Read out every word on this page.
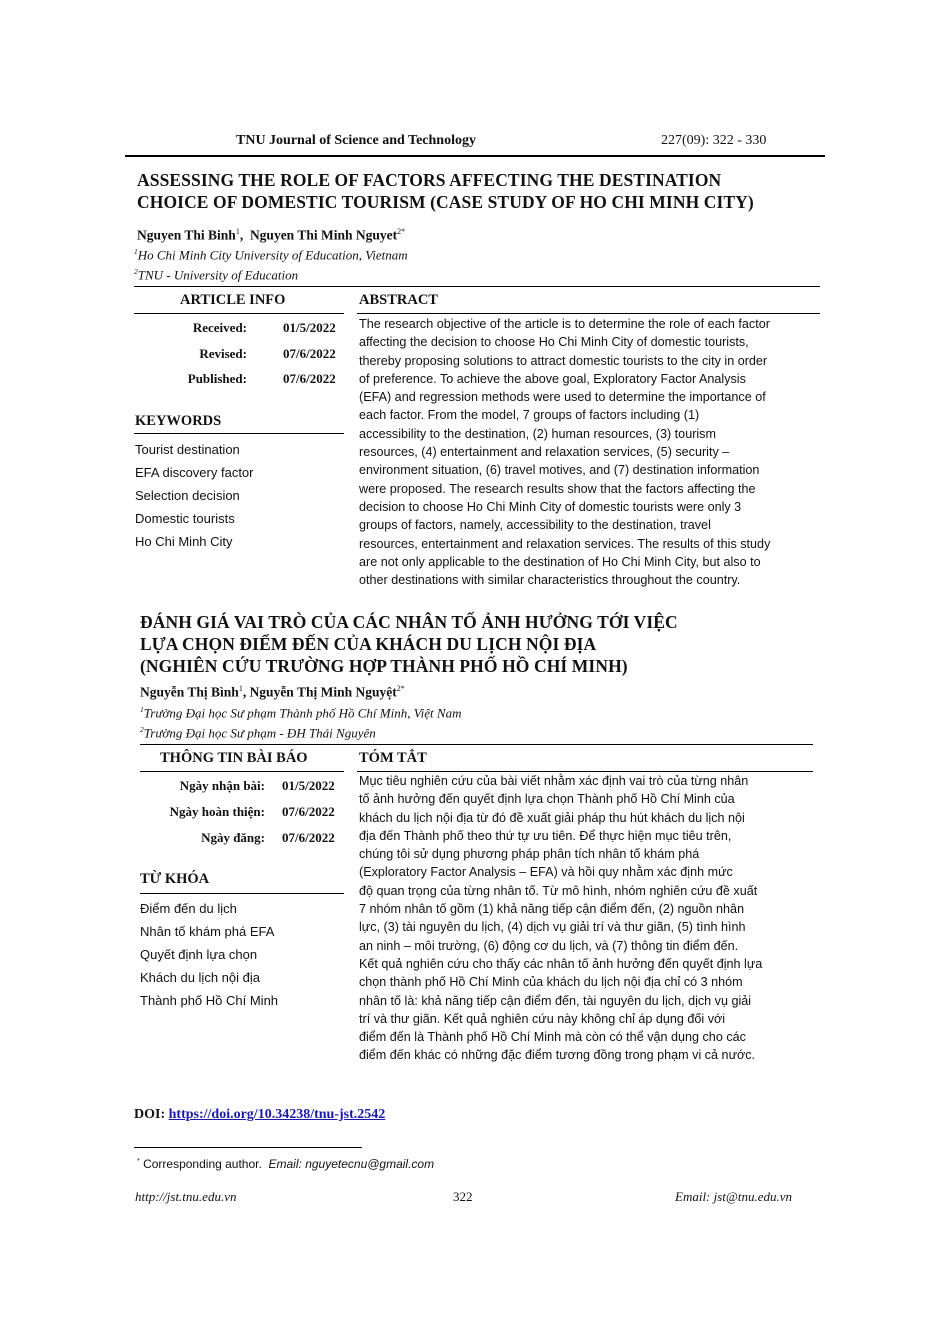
TNU Journal of Science and Technology	227(09): 322 - 330
ASSESSING THE ROLE OF FACTORS AFFECTING THE DESTINATION
CHOICE OF DOMESTIC TOURISM (CASE STUDY OF HO CHI MINH CITY)
Nguyen Thi Binh$^1$,  Nguyen Thi Minh Nguyet$^{2*}$
$^1$Ho Chi Minh City University of Education, Vietnam
$^2$TNU - University of Education
ARTICLE INFO	ABSTRACT
Received:	01/5/2022
Revised:	07/6/2022
Published:	07/6/2022
KEYWORDS
Tourist destination
EFA discovery factor
Selection decision
Domestic tourists
Ho Chi Minh City
The research objective of the article is to determine the role of each factor
affecting the decision to choose Ho Chi Minh City of domestic tourists,
thereby proposing solutions to attract domestic tourists to the city in order
of preference. To achieve the above goal, Exploratory Factor Analysis
(EFA) and regression methods were used to determine the importance of
each factor. From the model, 7 groups of factors including (1)
accessibility to the destination, (2) human resources, (3) tourism
resources, (4) entertainment and relaxation services, (5) security –
environment situation, (6) travel motives, and (7) destination information
were proposed. The research results show that the factors affecting the
decision to choose Ho Chi Minh City of domestic tourists were only 3
groups of factors, namely, accessibility to the destination, travel
resources, entertainment and relaxation services. The results of this study
are not only applicable to the destination of Ho Chi Minh City, but also to
other destinations with similar characteristics throughout the country.
ĐÁNH GIÁ VAI TRÒ CỦA CÁC NHÂN TỐ ẢNH HƯỞNG TỚI VIỆC
LỰA CHỌN ĐIỂM ĐẾN CỦA KHÁCH DU LỊCH NỘI ĐỊA
(NGHIÊN CỨU TRƯỜNG HỢP THÀNH PHỐ HỒ CHÍ MINH)
Nguyễn Thị Bình$^1$, Nguyễn Thị Minh Nguyệt$^{2*}$
$^1$Trường Đại học Sư phạm Thành phố Hồ Chí Minh, Việt Nam
$^2$Trường Đại học Sư phạm - ĐH Thái Nguyên
THÔNG TIN BÀI BÁO	TÓM TẮT
Ngày nhận bài: 01/5/2022
Ngày hoàn thiện: 07/6/2022
Ngày đăng: 07/6/2022
TỪ KHÓA
Điểm đến du lịch
Nhân tố khám phá EFA
Quyết định lựa chọn
Khách du lịch nội địa
Thành phố Hồ Chí Minh
Mục tiêu nghiên cứu của bài viết nhằm xác định vai trò của từng nhân
tố ảnh hưởng đến quyết định lựa chọn Thành phố Hồ Chí Minh của
khách du lịch nội địa từ đó đề xuất giải pháp thu hút khách du lịch nội
địa đến Thành phố theo thứ tự ưu tiên. Để thực hiện mục tiêu trên,
chúng tôi sử dụng phương pháp phân tích nhân tố khám phá
(Exploratory Factor Analysis – EFA) và hồi quy nhằm xác định mức
độ quan trọng của từng nhân tố. Từ mô hình, nhóm nghiên cứu đề xuất
7 nhóm nhân tố gồm (1) khả năng tiếp cận điểm đến, (2) nguồn nhân
lực, (3) tài nguyên du lịch, (4) dịch vụ giải trí và thư giãn, (5) tình hình
an ninh – môi trường, (6) động cơ du lịch, và (7) thông tin điểm đến.
Kết quả nghiên cứu cho thấy các nhân tố ảnh hưởng đến quyết định lựa
chọn thành phố Hồ Chí Minh của khách du lịch nội địa chỉ có 3 nhóm
nhân tố là: khả năng tiếp cận điểm đến, tài nguyên du lịch, dịch vụ giải
trí và thư giãn. Kết quả nghiên cứu này không chỉ áp dụng đối với
điểm đến là Thành phố Hồ Chí Minh mà còn có thể vận dụng cho các
điểm đến khác có những đặc điểm tương đồng trong phạm vi cả nước.
DOI: https://doi.org/10.34238/tnu-jst.2542
* Corresponding author. Email: nguyetecnu@gmail.com
http://jst.tnu.edu.vn	322	Email: jst@tnu.edu.vn
